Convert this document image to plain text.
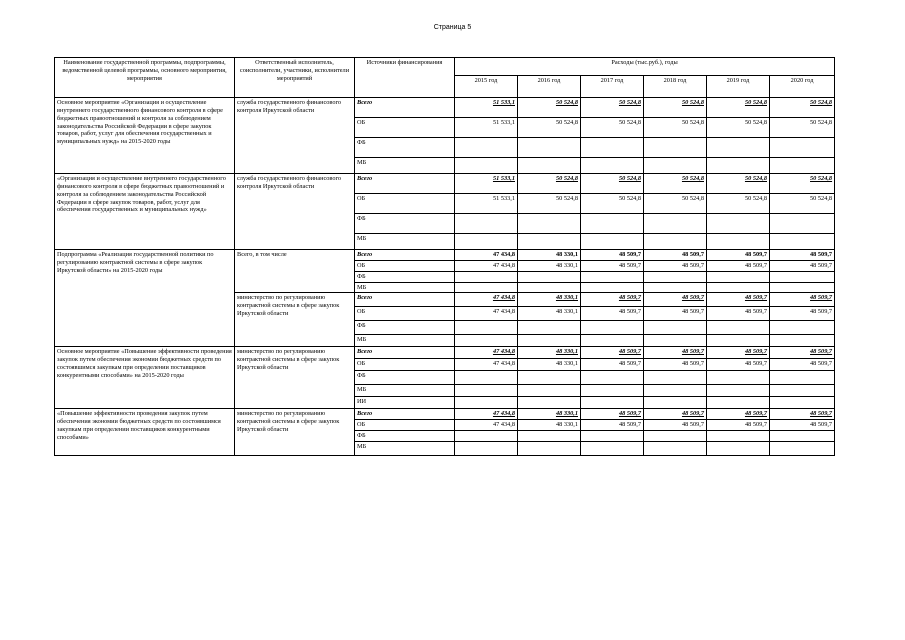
Страница 5
Наименование государственной программы, подпрограммы, ведомственной целевой программы, основного мероприятия, мероприятия	Ответственный исполнитель, соисполнители, участники, исполнители мероприятий	Источники финансирования	Расходы (тыс.руб.), годы					
			2015 год	2016 год	2017 год	2018 год	2019 год	2020 год
Основное мероприятие «Организация и осуществление внутреннего государственного финансового контроля в сфере бюджетных правоотношений и контроля за соблюдением законодательства Российской Федерации в сфере закупок товаров, работ, услуг для обеспечения государственных и муниципальных нужд» на 2015-2020 годы	служба государственного финансового контроля Иркутской области	Всего	51 533,1	50 524,8	50 524,8	50 524,8	50 524,8	50 524,8
		ОБ	51 533,1	50 524,8	50 524,8	50 524,8	50 524,8	50 524,8
		ФБ						
		МБ						
«Организация и осуществление внутреннего государственного финансового контроля в сфере бюджетных правоотношений и контроля за соблюдением законодательства Российской Федерации в сфере закупок товаров, работ, услуг для обеспечения государственных и муниципальных нужд»	служба государственного финансового контроля Иркутской области	Всего	51 533,1	50 524,8	50 524,8	50 524,8	50 524,8	50 524,8
		ОБ	51 533,1	50 524,8	50 524,8	50 524,8	50 524,8	50 524,8
		ФБ						
		МБ						
Подпрограмма «Реализация государственной политики по регулированию контрактной системы в сфере закупок Иркутской области» на 2015-2020 годы	Всего, в том числе	Всего	47 434,8	48 330,1	48 509,7	48 509,7	48 509,7	48 509,7
		ОБ	47 434,8	48 330,1	48 509,7	48 509,7	48 509,7	48 509,7
		ФБ						
		МБ						
	министерство по регулированию контрактной системы в сфере закупок Иркутской области	Всего	47 434,8	48 330,1	48 509,7	48 509,7	48 509,7	48 509,7
		ОБ	47 434,8	48 330,1	48 509,7	48 509,7	48 509,7	48 509,7
		ФБ						
		МБ						
Основное мероприятие «Повышение эффективности проведения закупок путем обеспечения экономии бюджетных средств по состоявшимся закупкам при определении поставщиков конкурентными способами» на 2015-2020 годы	министерство по регулированию контрактной системы в сфере закупок Иркутской области	Всего	47 434,8	48 330,1	48 509,7	48 509,7	48 509,7	48 509,7
		ОБ	47 434,8	48 330,1	48 509,7	48 509,7	48 509,7	48 509,7
		ФБ						
		МБ						
		ИИ						
«Повышение эффективности проведения закупок путем обеспечения экономии бюджетных средств по состоявшимся закупкам при определении поставщиков конкурентными способами»	министерство по регулированию контрактной системы в сфере закупок Иркутской области	Всего	47 434,8	48 330,1	48 509,7	48 509,7	48 509,7	48 509,7
		ОБ	47 434,8	48 330,1	48 509,7	48 509,7	48 509,7	48 509,7
		ФБ						
		МБ						
